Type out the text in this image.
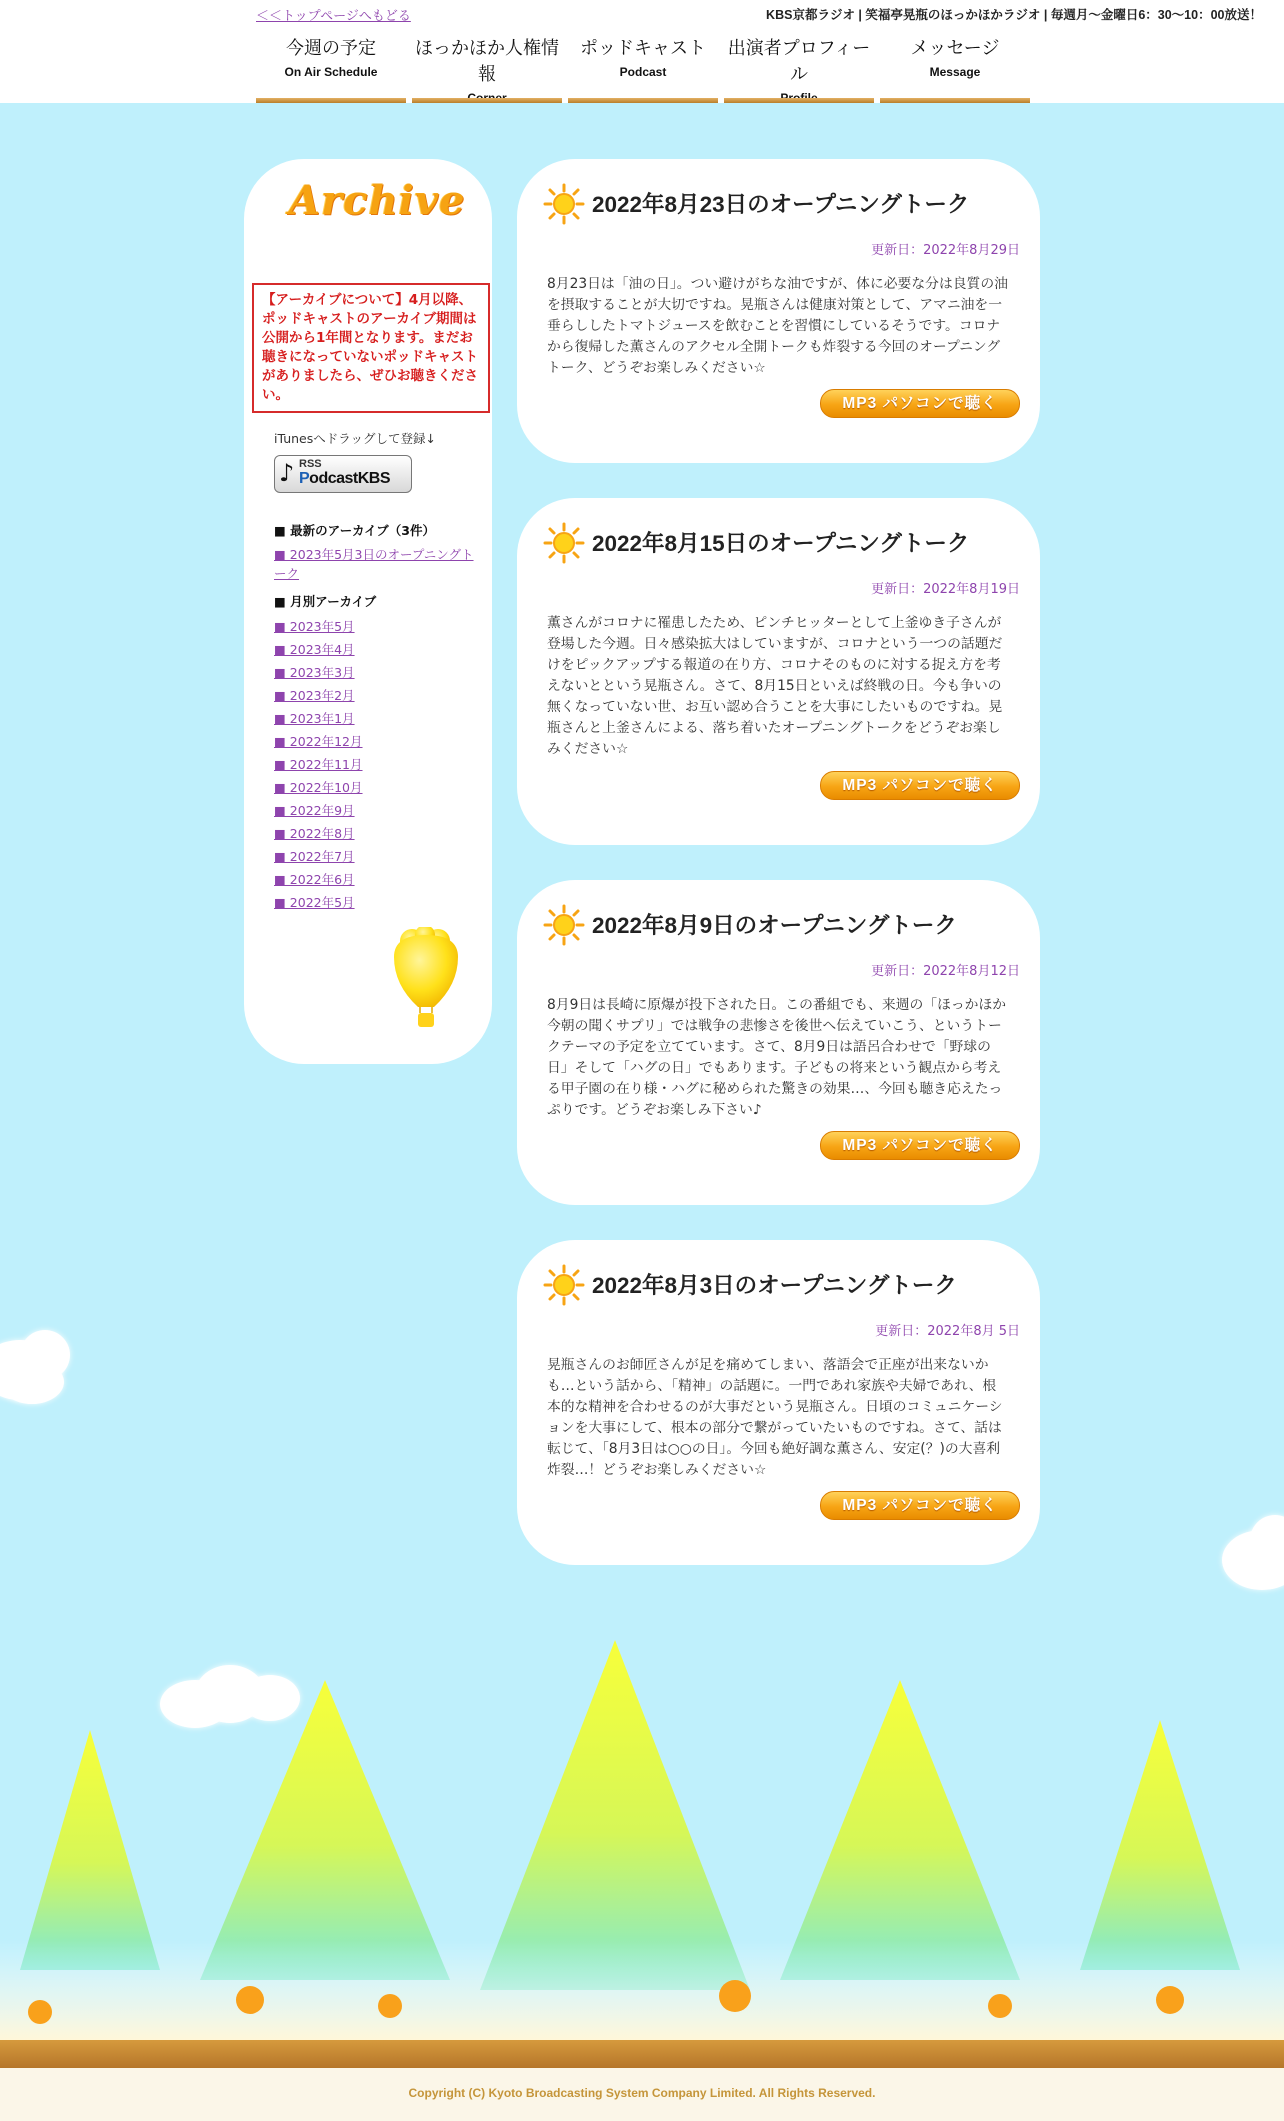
＜＜トップページへもどる	KBS京都ラジオ | 笑福亭晃瓶のほっかほかラジオ | 毎週月～金曜日6：30～10：00放送！
今週の予定
On Air Schedule
ほっかほか人権情報
ポッドキャスト
Podcast
出演者プロフィール
メッセージ
Message
Copyright (C) Kyoto Broadcasting System Company Limited. All Rights Reserved.
Archive
【アーカイブについて】4月以降、ポッドキャストのアーカイブ期間は公開から1年間となります。まだお聴きになっていないポッドキャストがありましたら、ぜひお聴きください。
iTunesへドラッグして登録↓
♪ RSS
PodcastKBS
■ 最新のアーカイブ（3件）
■ 2023年5月3日のオープニングトーク
■ 月別アーカイブ
■ 2023年5月
■ 2023年4月
■ 2023年3月
■ 2023年2月
■ 2023年1月
■ 2022年12月
■ 2022年11月
■ 2022年10月
■ 2022年9月
■ 2022年8月
■ 2022年7月
■ 2022年6月
■ 2022年5月
2022年8月23日のオープニングトーク
更新日：2022年8月29日
8月23日は「油の日」。つい避けがちな油ですが、体に必要な分は良質の油を摂取することが大切ですね。晃瓶さんは健康対策として、アマニ油を一垂らししたトマトジュースを飲むことを習慣にしているそうです。コロナから復帰した薫さんのアクセル全開トークも炸裂する今回のオープニングトーク、どうぞお楽しみください☆
MP3 パソコンで聴く
2022年8月15日のオープニングトーク
更新日：2022年8月19日
薫さんがコロナに罹患したため、ピンチヒッターとして上釜ゆき子さんが登場した今週。日々感染拡大はしていますが、コロナという一つの話題だけをピックアップする報道の在り方、コロナそのものに対する捉え方を考えないとという晃瓶さん。さて、8月15日といえば終戦の日。今も争いの無くなっていない世、お互い認め合うことを大事にしたいものですね。晃瓶さんと上釜さんによる、落ち着いたオープニングトークをどうぞお楽しみください☆
MP3 パソコンで聴く
2022年8月9日のオープニングトーク
更新日：2022年8月12日
8月9日は長崎に原爆が投下された日。この番組でも、来週の「ほっかほか今朝の聞くサプリ」では戦争の悲惨さを後世へ伝えていこう、というトークテーマの予定を立てています。さて、8月9日は語呂合わせで「野球の日」そして「ハグの日」でもあります。子どもの将来という観点から考える甲子園の在り様・ハグに秘められた驚きの効果…、今回も聴き応えたっぷりです。どうぞお楽しみ下さい♪
MP3 パソコンで聴く
2022年8月3日のオープニングトーク
更新日：2022年8月 5日
晃瓶さんのお師匠さんが足を痛めてしまい、落語会で正座が出来ないかも…という話から、「精神」の話題に。一門であれ家族や夫婦であれ、根本的な精神を合わせるのが大事だという晃瓶さん。日頃のコミュニケーションを大事にして、根本の部分で繋がっていたいものですね。さて、話は転じて、「8月3日は○○の日」。今回も絶好調な薫さん、安定(？)の大喜利炸裂…！どうぞお楽しみください☆
MP3 パソコンで聴く
